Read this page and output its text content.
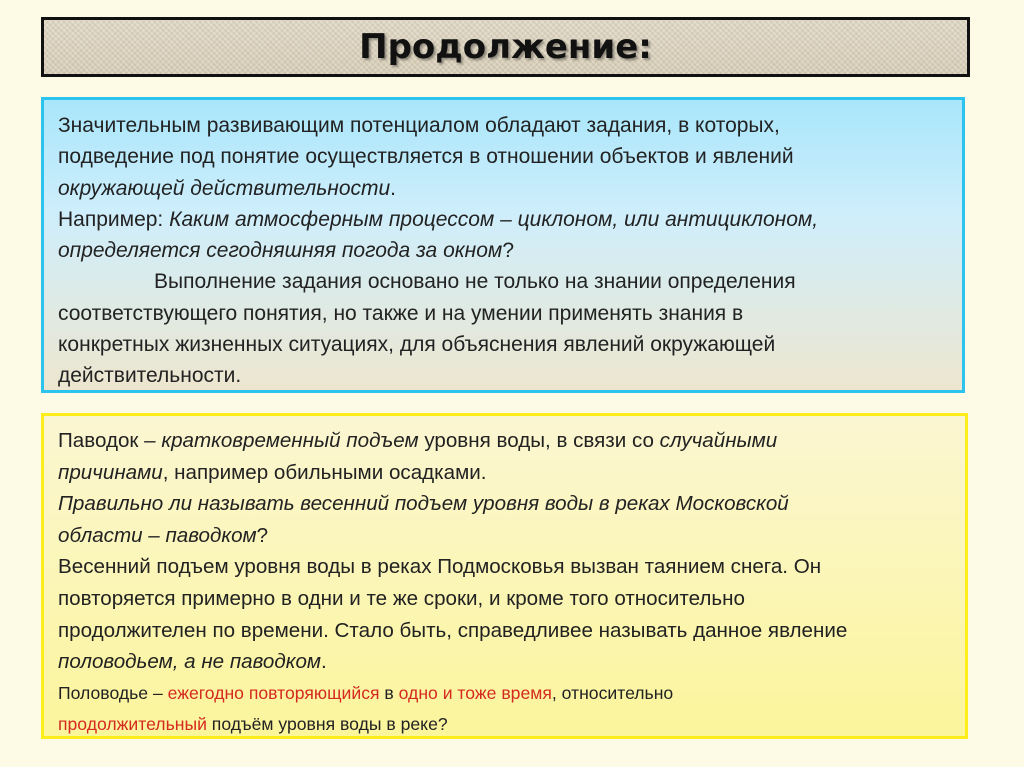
Продолжение:
Значительным развивающим потенциалом обладают задания, в которых,
подведение под понятие осуществляется в отношении объектов и явлений
окружающей действительности.
Например: Каким атмосферным процессом – циклоном, или антициклоном,
определяется сегодняшняя погода за окном?
Выполнение задания основано не только на знании определения
соответствующего понятия, но также и на умении применять знания в
конкретных жизненных ситуациях, для объяснения явлений окружающей
действительности.
Паводок – кратковременный подъем уровня воды, в связи со случайными
причинами, например обильными осадками.
Правильно ли называть весенний подъем уровня воды в реках Московской
области – паводком?
Весенний подъем уровня воды в реках Подмосковья вызван таянием снега. Он
повторяется примерно в одни и те же сроки, и кроме того относительно
продолжителен по времени. Стало быть, справедливее называть данное явление
половодьем, а не паводком.
Половодье – ежегодно повторяющийся в одно и тоже время, относительно
продолжительный подъём уровня воды в реке?
